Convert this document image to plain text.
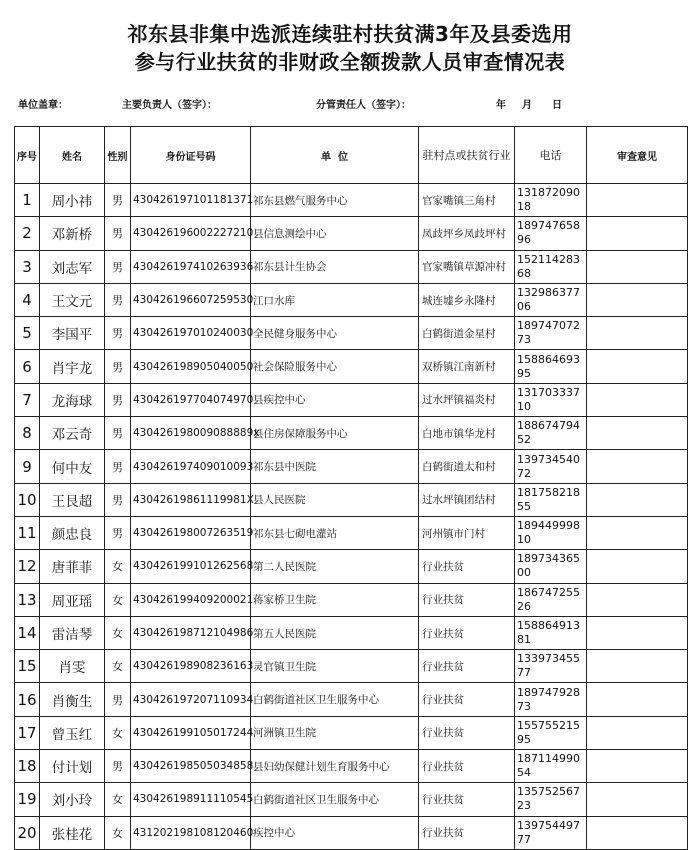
祁东县非集中选派连续驻村扶贫满3年及县委选用
参与行业扶贫的非财政全额拨款人员审查情况表
单位盖章：	主要负责人（签字）：	分管责任人（签字）：	年 月 日
序号	姓名	性别	身份证号码	单  位	驻村点或扶贫行业	电话	审查意见
1	周小祎	男	430426197101181371	祁东县燃气服务中心	官家嘴镇三角村	13187209018	
2	邓新桥	男	430426196002227210	县信息测绘中心	凤歧坪乡凤歧坪村	18974765896	
3	刘志军	男	430426197410263936	祁东县计生协会	官家嘴镇草源冲村	15211428368	
4	王文元	男	430426196607259530	江口水库	城连墟乡永隆村	13298637706	
5	李国平	男	430426197010240030	全民健身服务中心	白鹤街道金星村	18974707273	
6	肖宇龙	男	430426198905040050	社会保险服务中心	双桥镇江南新村	15886469395	
7	龙海球	男	430426197704074970	县疾控中心	过水坪镇福炎村	13170333710	
8	邓云奇	男	430426198009088889x	县住房保障服务中心	白地市镇华龙村	18867479452	
9	何中友	男	430426197409010093	祁东县中医院	白鹤街道太和村	13973454072	
10	王艮超	男	43042619861119981X	县人民医院	过水坪镇团结村	18175821855	
11	颜忠良	男	430426198007263519	祁东县七砌电灌站	河州镇市门村	18944999810	
12	唐菲菲	女	430426199101262568	第二人民医院	行业扶贫	18973436500	
13	周亚瑶	女	430426199409200021	蒋家桥卫生院	行业扶贫	18674725526	
14	雷洁琴	女	430426198712104986	第五人民医院	行业扶贫	15886491381	
15	肖雯	女	430426198908236163	灵官镇卫生院	行业扶贫	13397345577	
16	肖衡生	男	430426197207110934	白鹤街道社区卫生服务中心	行业扶贫	18974792873	
17	曾玉红	女	430426199105017244	河洲镇卫生院	行业扶贫	15575521595	
18	付计划	男	430426198505034858	县妇幼保健计划生育服务中心	行业扶贫	18711499054	
19	刘小玲	女	430426198911110545	白鹤街道社区卫生服务中心	行业扶贫	13575256723	
20	张桂花	女	431202198108120460	疾控中心	行业扶贫	13975449777	
